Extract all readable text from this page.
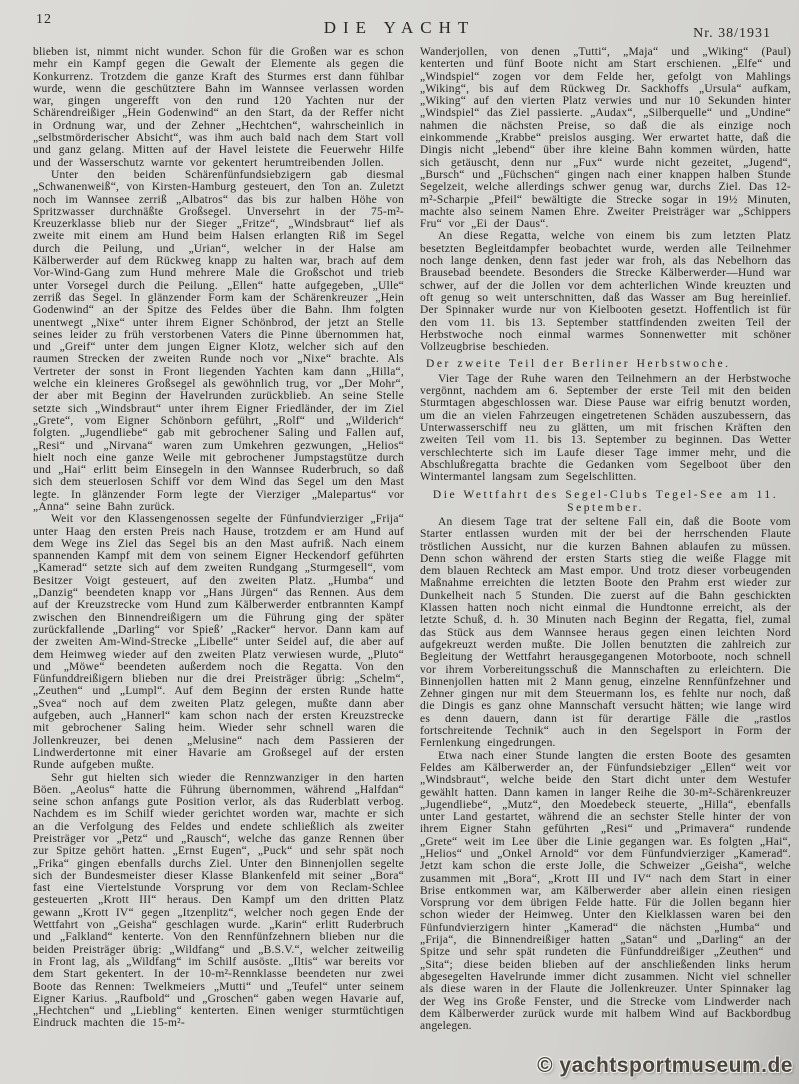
12	DIE YACHT	Nr. 38/1931

blieben ist, nimmt nicht wunder. Schon für die Großen war es schon mehr ein Kampf gegen die Gewalt der Elemente als gegen die Konkurrenz. Trotzdem die ganze Kraft des Sturmes erst dann fühlbar wurde, wenn die geschütztere Bahn im Wannsee verlassen worden war, gingen ungerefft von den rund 120 Yachten nur der Schärendreißiger „Hein Godenwind“ an den Start, da der Reffer nicht in Ordnung war, und der Zehner „Hechtchen“, wahrscheinlich in „selbstmörderischer Absicht“, was ihm auch bald nach dem Start voll und ganz gelang. Mitten auf der Havel leistete die Feuerwehr Hilfe und der Wasserschutz warnte vor gekentert herumtreibenden Jollen.

Unter den beiden Schärenfünfundsiebzigern gab diesmal „Schwanenweiß“, von Kirsten-Hamburg gesteuert, den Ton an. Zuletzt noch im Wannsee zerriß „Albatros“ das bis zur halben Höhe von Spritzwasser durchnäßte Großsegel. Unversehrt in der 75-m²-Kreuzerklasse blieb nur der Sieger „Fritze“, „Windsbraut“ lief als zweite mit einem am Hund beim Halsen erlangten Riß im Segel durch die Peilung, und „Urian“, welcher in der Halse am Kälberwerder auf dem Rückweg knapp zu halten war, brach auf dem Vor-Wind-Gang zum Hund mehrere Male die Großschot und trieb unter Vorsegel durch die Peilung. „Ellen“ hatte aufgegeben, „Ulle“ zerriß das Segel. In glänzender Form kam der Schärenkreuzer „Hein Godenwind“ an der Spitze des Feldes über die Bahn. Ihm folgten unentwegt „Nixe“ unter ihrem Eigner Schönbrod, der jetzt an Stelle seines leider zu früh verstorbenen Vaters die Pinne übernommen hat, und „Greif“ unter dem jungen Eigner Klotz, welcher sich auf den raumen Strecken der zweiten Runde noch vor „Nixe“ brachte. Als Vertreter der sonst in Front liegenden Yachten kam dann „Hilla“, welche ein kleineres Großsegel als gewöhnlich trug, vor „Der Mohr“, der aber mit Beginn der Havelrunden zurückblieb. An seine Stelle setzte sich „Windsbraut“ unter ihrem Eigner Friedländer, der im Ziel „Grete“, vom Eigner Schönborn geführt, „Rolf“ und „Wilderich“ folgten. „Jugendliebe“ gab mit gebrochener Saling und Fallen auf, „Resi“ und „Nirvana“ waren zum Umkehren gezwungen, „Helios“ hielt noch eine ganze Weile mit gebrochener Jumpstagstütze durch und „Hai“ erlitt beim Einsegeln in den Wannsee Ruderbruch, so daß sich dem steuerlosen Schiff vor dem Wind das Segel um den Mast legte. In glänzender Form legte der Vierziger „Malepartus“ vor „Anna“ seine Bahn zurück.

Weit vor den Klassengenossen segelte der Fünfundvierziger „Frija“ unter Haag den ersten Preis nach Hause, trotzdem er am Hund auf dem Wege ins Ziel das Segel bis an den Mast aufriß. Nach einem spannenden Kampf mit dem von seinem Eigner Heckendorf geführten „Kamerad“ setzte sich auf dem zweiten Rundgang „Sturmgesell“, vom Besitzer Voigt gesteuert, auf den zweiten Platz. „Humba“ und „Danzig“ beendeten knapp vor „Hans Jürgen“ das Rennen. Aus dem auf der Kreuzstrecke vom Hund zum Kälberwerder entbrannten Kampf zwischen den Binnendreißigern um die Führung ging der später zurückfallende „Darling“ vor Spieß’ „Racker“ hervor. Dann kam auf der zweiten Am-Wind-Strecke „Libelle“ unter Seidel auf, die aber auf dem Heimweg wieder auf den zweiten Platz verwiesen wurde, „Pluto“ und „Möwe“ beendeten außerdem noch die Regatta. Von den Fünfunddreißigern blieben nur die drei Preisträger übrig: „Schelm“, „Zeuthen“ und „Lumpl“. Auf dem Beginn der ersten Runde hatte „Svea“ noch auf dem zweiten Platz gelegen, mußte dann aber aufgeben, auch „Hannerl“ kam schon nach der ersten Kreuzstrecke mit gebrochener Saling heim. Wieder sehr schnell waren die Jollenkreuzer, bei denen „Melusine“ nach dem Passieren der Lindwerdertonne mit einer Havarie am Großsegel auf der ersten Runde aufgeben mußte.

Sehr gut hielten sich wieder die Rennzwanziger in den harten Böen. „Aeolus“ hatte die Führung übernommen, während „Halfdan“ seine schon anfangs gute Position verlor, als das Ruderblatt verbog. Nachdem es im Schilf wieder gerichtet worden war, machte er sich an die Verfolgung des Feldes und endete schließlich als zweiter Preisträger vor „Petz“ und „Rausch“, welche das ganze Rennen über zur Spitze gehört hatten. „Ernst Eugen“, „Puck“ und sehr spät noch „Frika“ gingen ebenfalls durchs Ziel. Unter den Binnenjollen segelte sich der Bundesmeister dieser Klasse Blankenfeld mit seiner „Bora“ fast eine Viertelstunde Vorsprung vor dem von Reclam-Schlee gesteuerten „Krott III“ heraus. Den Kampf um den dritten Platz gewann „Krott IV“ gegen „Itzenplitz“, welcher noch gegen Ende der Wettfahrt von „Geisha“ geschlagen wurde. „Karin“ erlitt Ruderbruch und „Falkland“ kenterte. Von den Rennfünfzehnern blieben nur die beiden Preisträger übrig: „Wildfang“ und „B.S.V.“, welcher zeitweilig in Front lag, als „Wildfang“ im Schilf ausöste. „Iltis“ war bereits vor dem Start gekentert. In der 10-m²-Rennklasse beendeten nur zwei Boote das Rennen: Twelkmeiers „Mutti“ und „Teufel“ unter seinem Eigner Karius. „Raufbold“ und „Groschen“ gaben wegen Havarie auf, „Hechtchen“ und „Liebling“ kenterten. Einen weniger sturmtüchtigen Eindruck machten die 15-m²-

Wanderjollen, von denen „Tutti“, „Maja“ und „Wiking“ (Paul) kenterten und fünf Boote nicht am Start erschienen. „Elfe“ und „Windspiel“ zogen vor dem Felde her, gefolgt von Mahlings „Wiking“, bis auf dem Rückweg Dr. Sackhoffs „Ursula“ aufkam, „Wiking“ auf den vierten Platz verwies und nur 10 Sekunden hinter „Windspiel“ das Ziel passierte. „Audax“, „Silberquelle“ und „Undine“ nahmen die nächsten Preise, so daß die als einzige noch einkommende „Krabbe“ preislos ausging. Wer erwartet hatte, daß die Dingis nicht „lebend“ über ihre kleine Bahn kommen würden, hatte sich getäuscht, denn nur „Fux“ wurde nicht gezeitet, „Jugend“, „Bursch“ und „Füchschen“ gingen nach einer knappen halben Stunde Segelzeit, welche allerdings schwer genug war, durchs Ziel. Das 12-m²-Scharpie „Pfeil“ bewältigte die Strecke sogar in 19½ Minuten, machte also seinem Namen Ehre. Zweiter Preisträger war „Schippers Fru“ vor „Ei der Daus“.

An diese Regatta, welche von einem bis zum letzten Platz besetzten Begleitdampfer beobachtet wurde, werden alle Teilnehmer noch lange denken, denn fast jeder war froh, als das Nebelhorn das Brausebad beendete. Besonders die Strecke Kälberwerder—Hund war schwer, auf der die Jollen vor dem achterlichen Winde kreuzten und oft genug so weit unterschnitten, daß das Wasser am Bug hereinlief. Der Spinnaker wurde nur von Kielbooten gesetzt. Hoffentlich ist für den vom 11. bis 13. September stattfindenden zweiten Teil der Herbstwoche noch einmal warmes Sonnenwetter mit schöner Vollzeugbrise beschieden.

Der zweite Teil der Berliner Herbstwoche.

Vier Tage der Ruhe waren den Teilnehmern an der Herbstwoche vergönnt, nachdem am 6. September der erste Teil mit den beiden Sturmtagen abgeschlossen war. Diese Pause war eifrig benutzt worden, um die an vielen Fahrzeugen eingetretenen Schäden auszubessern, das Unterwasserschiff neu zu glätten, um mit frischen Kräften den zweiten Teil vom 11. bis 13. September zu beginnen. Das Wetter verschlechterte sich im Laufe dieser Tage immer mehr, und die Abschlußregatta brachte die Gedanken vom Segelboot über den Wintermantel langsam zum Segelschlitten.

Die Wettfahrt des Segel-Clubs Tegel-See am 11. September.

An diesem Tage trat der seltene Fall ein, daß die Boote vom Starter entlassen wurden mit der bei der herrschenden Flaute tröstlichen Aussicht, nur die kurzen Bahnen ablaufen zu müssen. Denn schon während der ersten Starts stieg die weiße Flagge mit dem blauen Rechteck am Mast empor. Und trotz dieser vorbeugenden Maßnahme erreichten die letzten Boote den Prahm erst wieder zur Dunkelheit nach 5 Stunden. Die zuerst auf die Bahn geschickten Klassen hatten noch nicht einmal die Hundtonne erreicht, als der letzte Schuß, d. h. 30 Minuten nach Beginn der Regatta, fiel, zumal das Stück aus dem Wannsee heraus gegen einen leichten Nord aufgekreuzt werden mußte. Die Jollen benutzten die zahlreich zur Begleitung der Wettfahrt herausgegangenen Motorboote, noch schnell vor ihrem Vorbereitungsschuß die Mannschaften zu erleichtern. Die Binnenjollen hatten mit 2 Mann genug, einzelne Rennfünfzehner und Zehner gingen nur mit dem Steuermann los, es fehlte nur noch, daß die Dingis es ganz ohne Mannschaft versucht hätten; wie lange wird es denn dauern, dann ist für derartige Fälle die „rastlos fortschreitende Technik“ auch in den Segelsport in Form der Fernlenkung eingedrungen.

Etwa nach einer Stunde langten die ersten Boote des gesamten Feldes am Kälberwerder an, der Fünfundsiebziger „Ellen“ weit vor „Windsbraut“, welche beide den Start dicht unter dem Westufer gewählt hatten. Dann kamen in langer Reihe die 30-m²-Schärenkreuzer „Jugendliebe“, „Mutz“, den Moedebeck steuerte, „Hilla“, ebenfalls unter Land gestartet, während die an sechster Stelle hinter der von ihrem Eigner Stahn geführten „Resi“ und „Primavera“ rundende „Grete“ weit im Lee über die Linie gegangen war. Es folgten „Hai“, „Helios“ und „Onkel Arnold“ vor dem Fünfundvierziger „Kamerad“. Jetzt kam schon die erste Jolle, die Schweizer „Geisha“, welche zusammen mit „Bora“, „Krott III und IV“ nach dem Start in einer Brise entkommen war, am Kälberwerder aber allein einen riesigen Vorsprung vor dem übrigen Felde hatte. Für die Jollen begann hier schon wieder der Heimweg. Unter den Kielklassen waren bei den Fünfundvierzigern hinter „Kamerad“ die nächsten „Humba“ und „Frija“, die Binnendreißiger hatten „Satan“ und „Darling“ an der Spitze und sehr spät rundeten die Fünfunddreißiger „Zeuthen“ und „Sita“; diese beiden blieben auf der anschließenden links herum abgesegelten Havelrunde immer dicht zusammen. Nicht viel schneller als diese waren in der Flaute die Jollenkreuzer. Unter Spinnaker lag der Weg ins Große Fenster, und die Strecke vom Lindwerder nach dem Kälberwerder zurück wurde mit halbem Wind auf Backbordbug angelegen.

© yachtsportmuseum.de
